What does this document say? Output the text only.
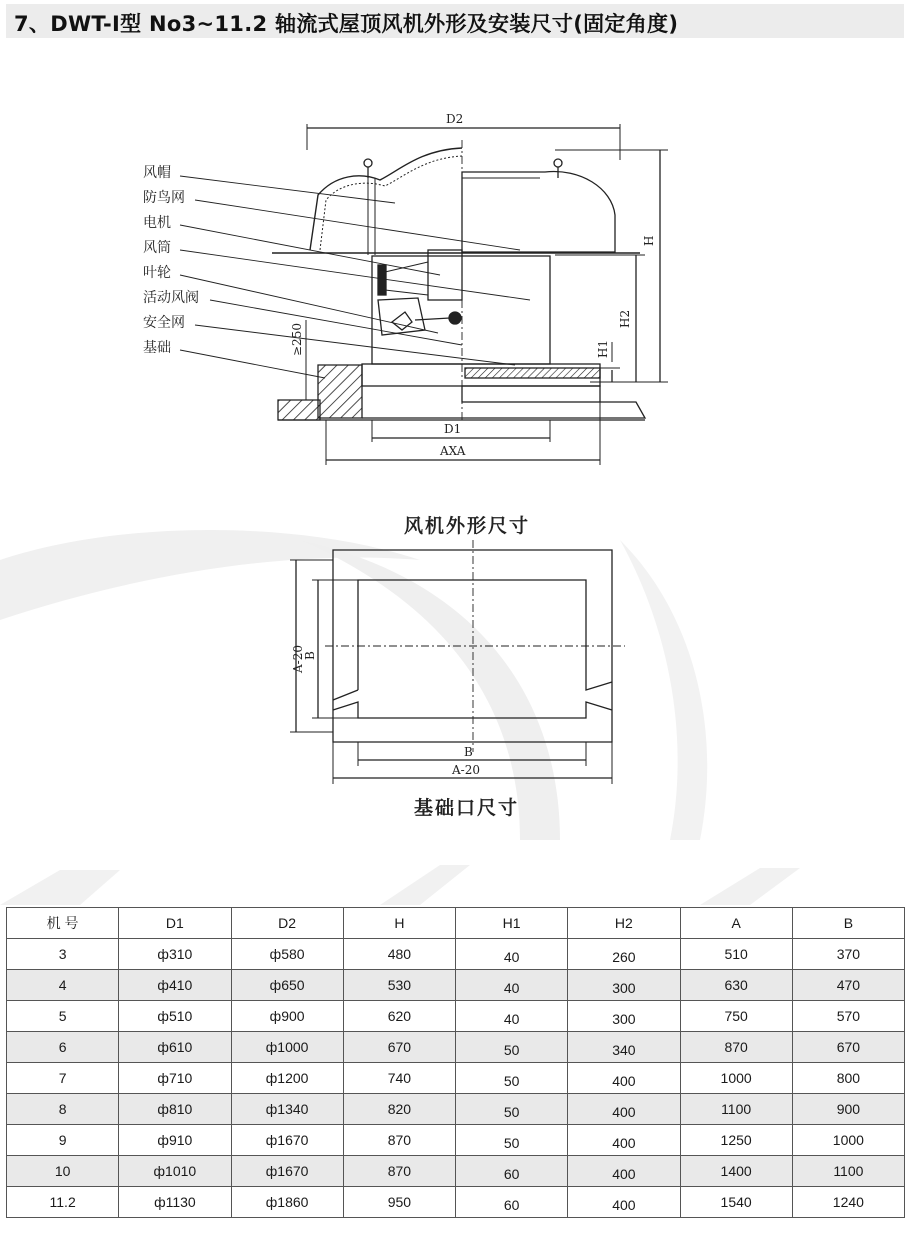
7、DWT-Ⅰ型 No3~11.2 轴流式屋顶风机外形及安装尺寸(固定角度)
风帽
防鸟网
电机
风筒
叶轮
活动风阀
安全网
基础
D2
H
H2
H1
≥250
D1
AXA
风机外形尺寸
A-20
B
B
A-20
基础口尺寸
机 号	D1	D2	H	H1	H2	A	B
3	ф310	ф580	480	40	260	510	370
4	ф410	ф650	530	40	300	630	470
5	ф510	ф900	620	40	300	750	570
6	ф610	ф1000	670	50	340	870	670
7	ф710	ф1200	740	50	400	1000	800
8	ф810	ф1340	820	50	400	1100	900
9	ф910	ф1670	870	50	400	1250	1000
10	ф1010	ф1670	870	60	400	1400	1100
11.2	ф1130	ф1860	950	60	400	1540	1240
